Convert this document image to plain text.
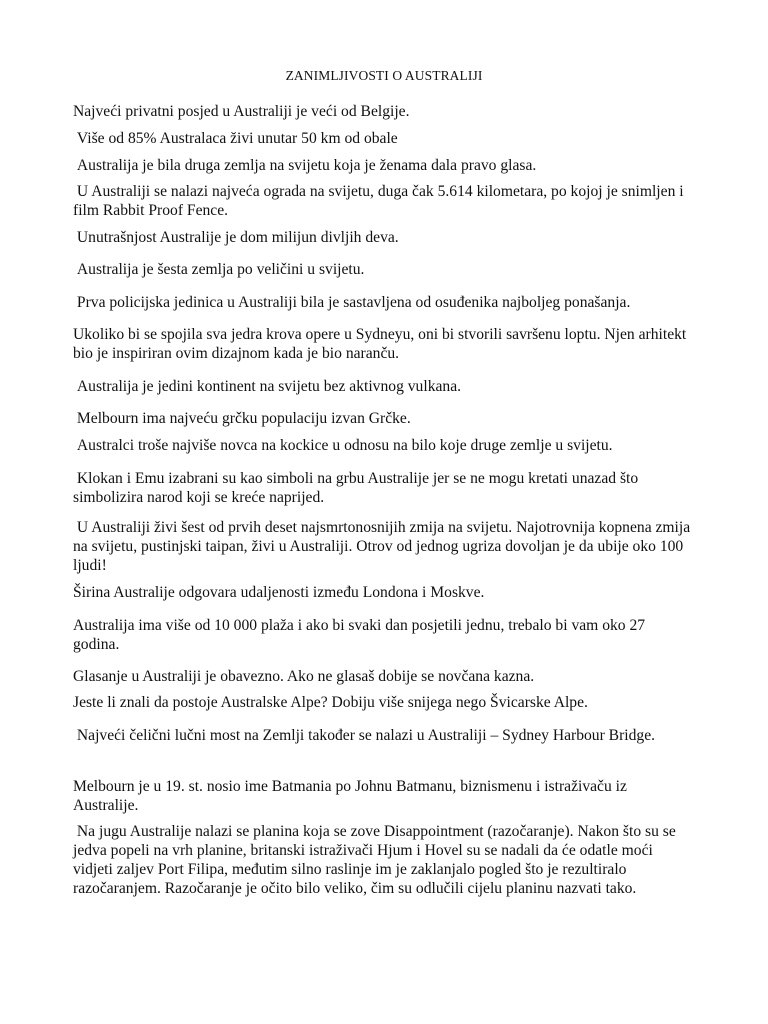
ZANIMLJIVOSTI O AUSTRALIJI

Najveći privatni posjed u Australiji je veći od Belgije.

Više od 85% Australaca živi unutar 50 km od obale

Australija je bila druga zemlja na svijetu koja je ženama dala pravo glasa.

U Australiji se nalazi najveća ograda na svijetu, duga čak 5.614 kilometara, po kojoj je snimljen i film Rabbit Proof Fence.

Unutrašnjost Australije je dom milijun divljih deva.

Australija je šesta zemlja po veličini u svijetu.

Prva policijska jedinica u Australiji bila je sastavljena od osuđenika najboljeg ponašanja.

Ukoliko bi se spojila sva jedra krova opere u Sydneyu, oni bi stvorili savršenu loptu. Njen arhitekt bio je inspiriran ovim dizajnom kada je bio naranču.

Australija je jedini kontinent na svijetu bez aktivnog vulkana.

Melbourn ima najveću grčku populaciju izvan Grčke.

Australci troše najviše novca na kockice u odnosu na bilo koje druge zemlje u svijetu.

Klokan i Emu izabrani su kao simboli na grbu Australije jer se ne mogu kretati unazad što simbolizira narod koji se kreće naprijed.

U Australiji živi šest od prvih deset najsmrtonosnijih zmija na svijetu. Najotrovnija kopnena zmija na svijetu, pustinjski taipan, živi u Australiji. Otrov od jednog ugriza dovoljan je da ubije oko 100 ljudi!

Širina Australije odgovara udaljenosti između Londona i Moskve.

Australija ima više od 10 000 plaža i ako bi svaki dan posjetili jednu, trebalo bi vam oko 27 godina.

Glasanje u Australiji je obavezno. Ako ne glasaš dobije se novčana kazna.

Jeste li znali da postoje Australske Alpe? Dobiju više snijega nego Švicarske Alpe.

Najveći čelični lučni most na Zemlji također se nalazi u Australiji – Sydney Harbour Bridge.

Melbourn je u 19. st. nosio ime Batmania po Johnu Batmanu, biznismenu i istraživaču iz Australije.

Na jugu Australije nalazi se planina koja se zove Disappointment (razočaranje). Nakon što su se jedva popeli na vrh planine, britanski istraživači Hjum i Hovel su se nadali da će odatle moći vidjeti zaljev Port Filipa, međutim silno raslinje im je zaklanjalo pogled što je rezultiralo razočaranjem. Razočaranje je očito bilo veliko, čim su odlučili cijelu planinu nazvati tako.
